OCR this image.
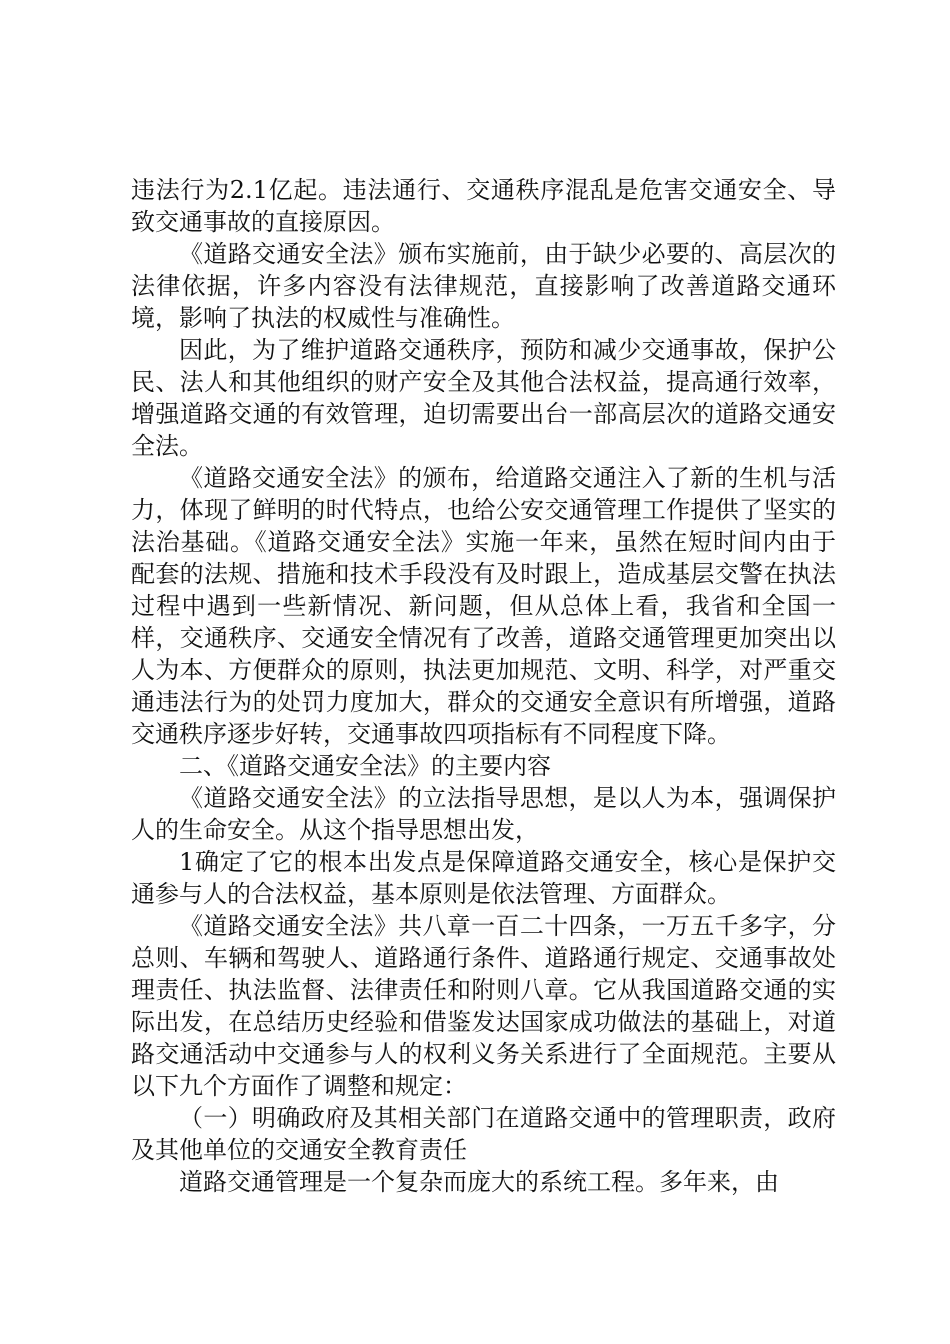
违法行为2.1亿起。违法通行、交通秩序混乱是危害交通安全、导致交通事故的直接原因。

《道路交通安全法》颁布实施前，由于缺少必要的、高层次的法律依据，许多内容没有法律规范，直接影响了改善道路交通环境，影响了执法的权威性与准确性。

因此，为了维护道路交通秩序，预防和减少交通事故，保护公民、法人和其他组织的财产安全及其他合法权益，提高通行效率，增强道路交通的有效管理，迫切需要出台一部高层次的道路交通安全法。

《道路交通安全法》的颁布，给道路交通注入了新的生机与活力，体现了鲜明的时代特点，也给公安交通管理工作提供了坚实的法治基础。《道路交通安全法》实施一年来，虽然在短时间内由于配套的法规、措施和技术手段没有及时跟上，造成基层交警在执法过程中遇到一些新情况、新问题，但从总体上看，我省和全国一样，交通秩序、交通安全情况有了改善，道路交通管理更加突出以人为本、方便群众的原则，执法更加规范、文明、科学，对严重交通违法行为的处罚力度加大，群众的交通安全意识有所增强，道路交通秩序逐步好转，交通事故四项指标有不同程度下降。

二、《道路交通安全法》的主要内容

《道路交通安全法》的立法指导思想，是以人为本，强调保护人的生命安全。从这个指导思想出发，

1确定了它的根本出发点是保障道路交通安全，核心是保护交通参与人的合法权益，基本原则是依法管理、方面群众。

《道路交通安全法》共八章一百二十四条，一万五千多字，分总则、车辆和驾驶人、道路通行条件、道路通行规定、交通事故处理责任、执法监督、法律责任和附则八章。它从我国道路交通的实际出发，在总结历史经验和借鉴发达国家成功做法的基础上，对道路交通活动中交通参与人的权利义务关系进行了全面规范。主要从以下九个方面作了调整和规定：

（一）明确政府及其相关部门在道路交通中的管理职责，政府及其他单位的交通安全教育责任

道路交通管理是一个复杂而庞大的系统工程。多年来，由
